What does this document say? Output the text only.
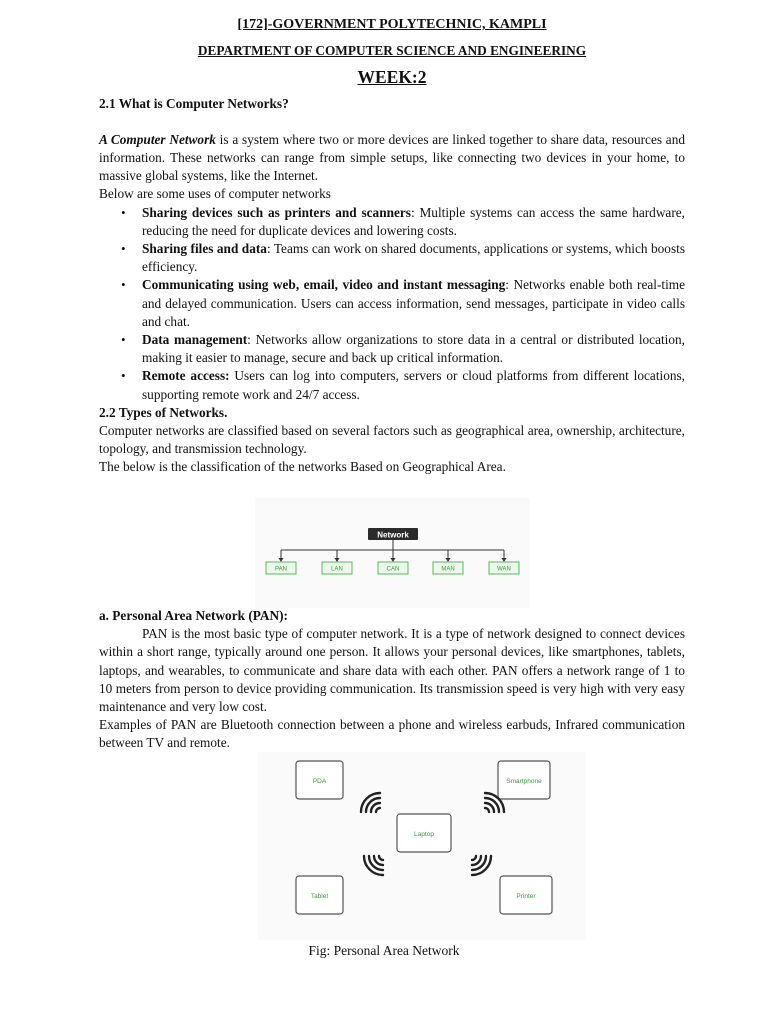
[172]-GOVERNMENT POLYTECHNIC, KAMPLI

DEPARTMENT OF COMPUTER SCIENCE AND ENGINEERING

WEEK:2

2.1 What is Computer Networks?

A Computer Network is a system where two or more devices are linked together to share data, resources and information. These networks can range from simple setups, like connecting two devices in your home, to massive global systems, like the Internet.

Below are some uses of computer networks

• Sharing devices such as printers and scanners: Multiple systems can access the same hardware, reducing the need for duplicate devices and lowering costs.
• Sharing files and data: Teams can work on shared documents, applications or systems, which boosts efficiency.
• Communicating using web, email, video and instant messaging: Networks enable both real-time and delayed communication. Users can access information, send messages, participate in video calls and chat.
• Data management: Networks allow organizations to store data in a central or distributed location, making it easier to manage, secure and back up critical information.
• Remote access: Users can log into computers, servers or cloud platforms from different locations, supporting remote work and 24/7 access.
2.2 Types of Networks.

Computer networks are classified based on several factors such as geographical area, ownership, architecture, topology, and transmission technology.

The below is the classification of the networks Based on Geographical Area.

Network
PAN	LAN	CAN	MAN	WAN
a. Personal Area Network (PAN):

PAN is the most basic type of computer network. It is a type of network designed to connect devices within a short range, typically around one person. It allows your personal devices, like smartphones, tablets, laptops, and wearables, to communicate and share data with each other. PAN offers a network range of 1 to 10 meters from person to device providing communication. Its transmission speed is very high with very easy maintenance and very low cost.

Examples of PAN are Bluetooth connection between a phone and wireless earbuds, Infrared communication between TV and remote.

PDA	Smartphone
Laptop
Tablet	Printer
Fig: Personal Area Network
